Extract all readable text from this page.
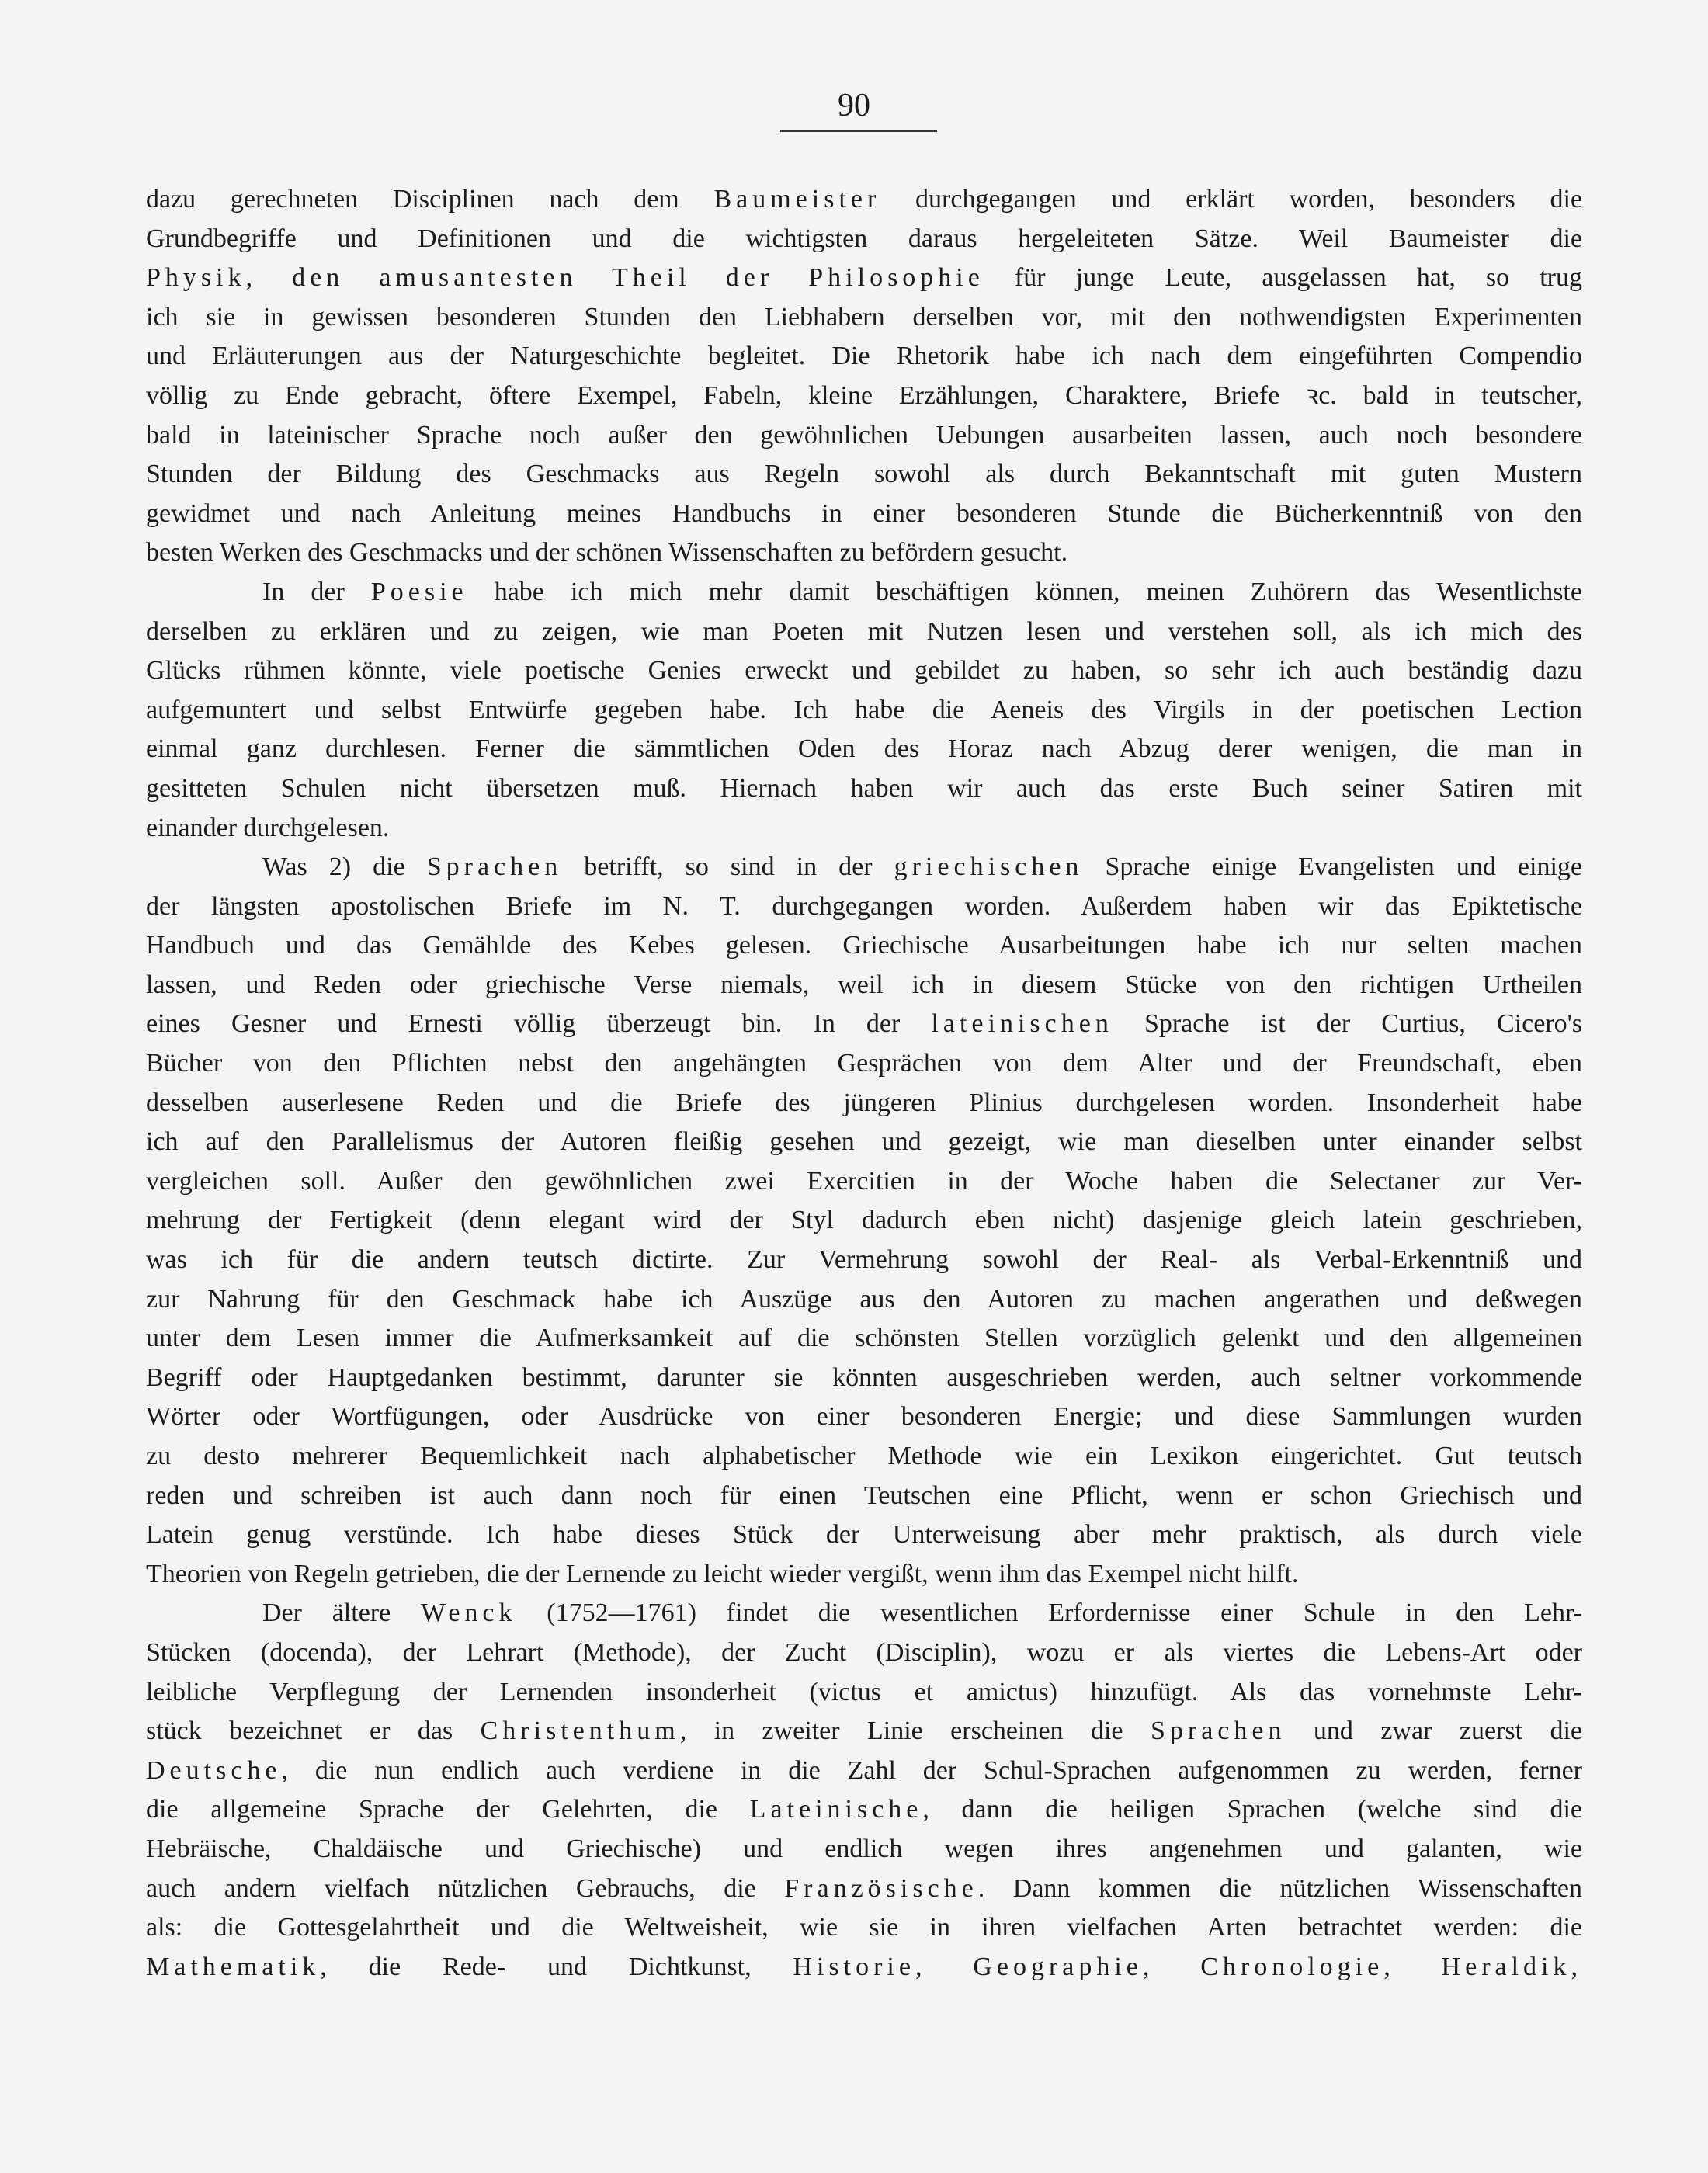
90
dazu gerechneten Disciplinen nach dem Baumeister durchgegangen und erklärt worden, besonders die
Grundbegriffe und Definitionen und die wichtigsten daraus hergeleiteten Sätze. Weil Baumeister die
Physik, den amusantesten Theil der Philosophie für junge Leute, ausgelassen hat, so trug
ich sie in gewissen besonderen Stunden den Liebhabern derselben vor, mit den nothwendigsten Experimenten
und Erläuterungen aus der Naturgeschichte begleitet. Die Rhetorik habe ich nach dem eingeführten Compendio
völlig zu Ende gebracht, öftere Exempel, Fabeln, kleine Erzählungen, Charaktere, Briefe ꝛc. bald in teutscher,
bald in lateinischer Sprache noch außer den gewöhnlichen Uebungen ausarbeiten lassen, auch noch besondere
Stunden der Bildung des Geschmacks aus Regeln sowohl als durch Bekanntschaft mit guten Mustern
gewidmet und nach Anleitung meines Handbuchs in einer besonderen Stunde die Bücherkenntniß von den
besten Werken des Geschmacks und der schönen Wissenschaften zu befördern gesucht.
In der Poesie habe ich mich mehr damit beschäftigen können, meinen Zuhörern das Wesentlichste
derselben zu erklären und zu zeigen, wie man Poeten mit Nutzen lesen und verstehen soll, als ich mich des
Glücks rühmen könnte, viele poetische Genies erweckt und gebildet zu haben, so sehr ich auch beständig dazu
aufgemuntert und selbst Entwürfe gegeben habe. Ich habe die Aeneis des Virgils in der poetischen Lection
einmal ganz durchlesen. Ferner die sämmtlichen Oden des Horaz nach Abzug derer wenigen, die man in
gesitteten Schulen nicht übersetzen muß. Hiernach haben wir auch das erste Buch seiner Satiren mit
einander durchgelesen.
Was 2) die Sprachen betrifft, so sind in der griechischen Sprache einige Evangelisten und einige
der längsten apostolischen Briefe im N. T. durchgegangen worden. Außerdem haben wir das Epiktetische
Handbuch und das Gemählde des Kebes gelesen. Griechische Ausarbeitungen habe ich nur selten machen
lassen, und Reden oder griechische Verse niemals, weil ich in diesem Stücke von den richtigen Urtheilen
eines Gesner und Ernesti völlig überzeugt bin. In der lateinischen Sprache ist der Curtius, Cicero's
Bücher von den Pflichten nebst den angehängten Gesprächen von dem Alter und der Freundschaft, eben
desselben auserlesene Reden und die Briefe des jüngeren Plinius durchgelesen worden. Insonderheit habe
ich auf den Parallelismus der Autoren fleißig gesehen und gezeigt, wie man dieselben unter einander selbst
vergleichen soll. Außer den gewöhnlichen zwei Exercitien in der Woche haben die Selectaner zur Ver-
mehrung der Fertigkeit (denn elegant wird der Styl dadurch eben nicht) dasjenige gleich latein geschrieben,
was ich für die andern teutsch dictirte. Zur Vermehrung sowohl der Real- als Verbal-Erkenntniß und
zur Nahrung für den Geschmack habe ich Auszüge aus den Autoren zu machen angerathen und deßwegen
unter dem Lesen immer die Aufmerksamkeit auf die schönsten Stellen vorzüglich gelenkt und den allgemeinen
Begriff oder Hauptgedanken bestimmt, darunter sie könnten ausgeschrieben werden, auch seltner vorkommende
Wörter oder Wortfügungen, oder Ausdrücke von einer besonderen Energie; und diese Sammlungen wurden
zu desto mehrerer Bequemlichkeit nach alphabetischer Methode wie ein Lexikon eingerichtet. Gut teutsch
reden und schreiben ist auch dann noch für einen Teutschen eine Pflicht, wenn er schon Griechisch und
Latein genug verstünde. Ich habe dieses Stück der Unterweisung aber mehr praktisch, als durch viele
Theorien von Regeln getrieben, die der Lernende zu leicht wieder vergißt, wenn ihm das Exempel nicht hilft.
Der ältere Wenck (1752—1761) findet die wesentlichen Erfordernisse einer Schule in den Lehr-
Stücken (docenda), der Lehrart (Methode), der Zucht (Disciplin), wozu er als viertes die Lebens-Art oder
leibliche Verpflegung der Lernenden insonderheit (victus et amictus) hinzufügt. Als das vornehmste Lehr-
stück bezeichnet er das Christenthum, in zweiter Linie erscheinen die Sprachen und zwar zuerst die
Deutsche, die nun endlich auch verdiene in die Zahl der Schul-Sprachen aufgenommen zu werden, ferner
die allgemeine Sprache der Gelehrten, die Lateinische, dann die heiligen Sprachen (welche sind die
Hebräische, Chaldäische und Griechische) und endlich wegen ihres angenehmen und galanten, wie
auch andern vielfach nützlichen Gebrauchs, die Französische. Dann kommen die nützlichen Wissenschaften
als: die Gottesgelahrtheit und die Weltweisheit, wie sie in ihren vielfachen Arten betrachtet werden: die
Mathematik, die Rede- und Dichtkunst, Historie, Geographie, Chronologie, Heraldik,
